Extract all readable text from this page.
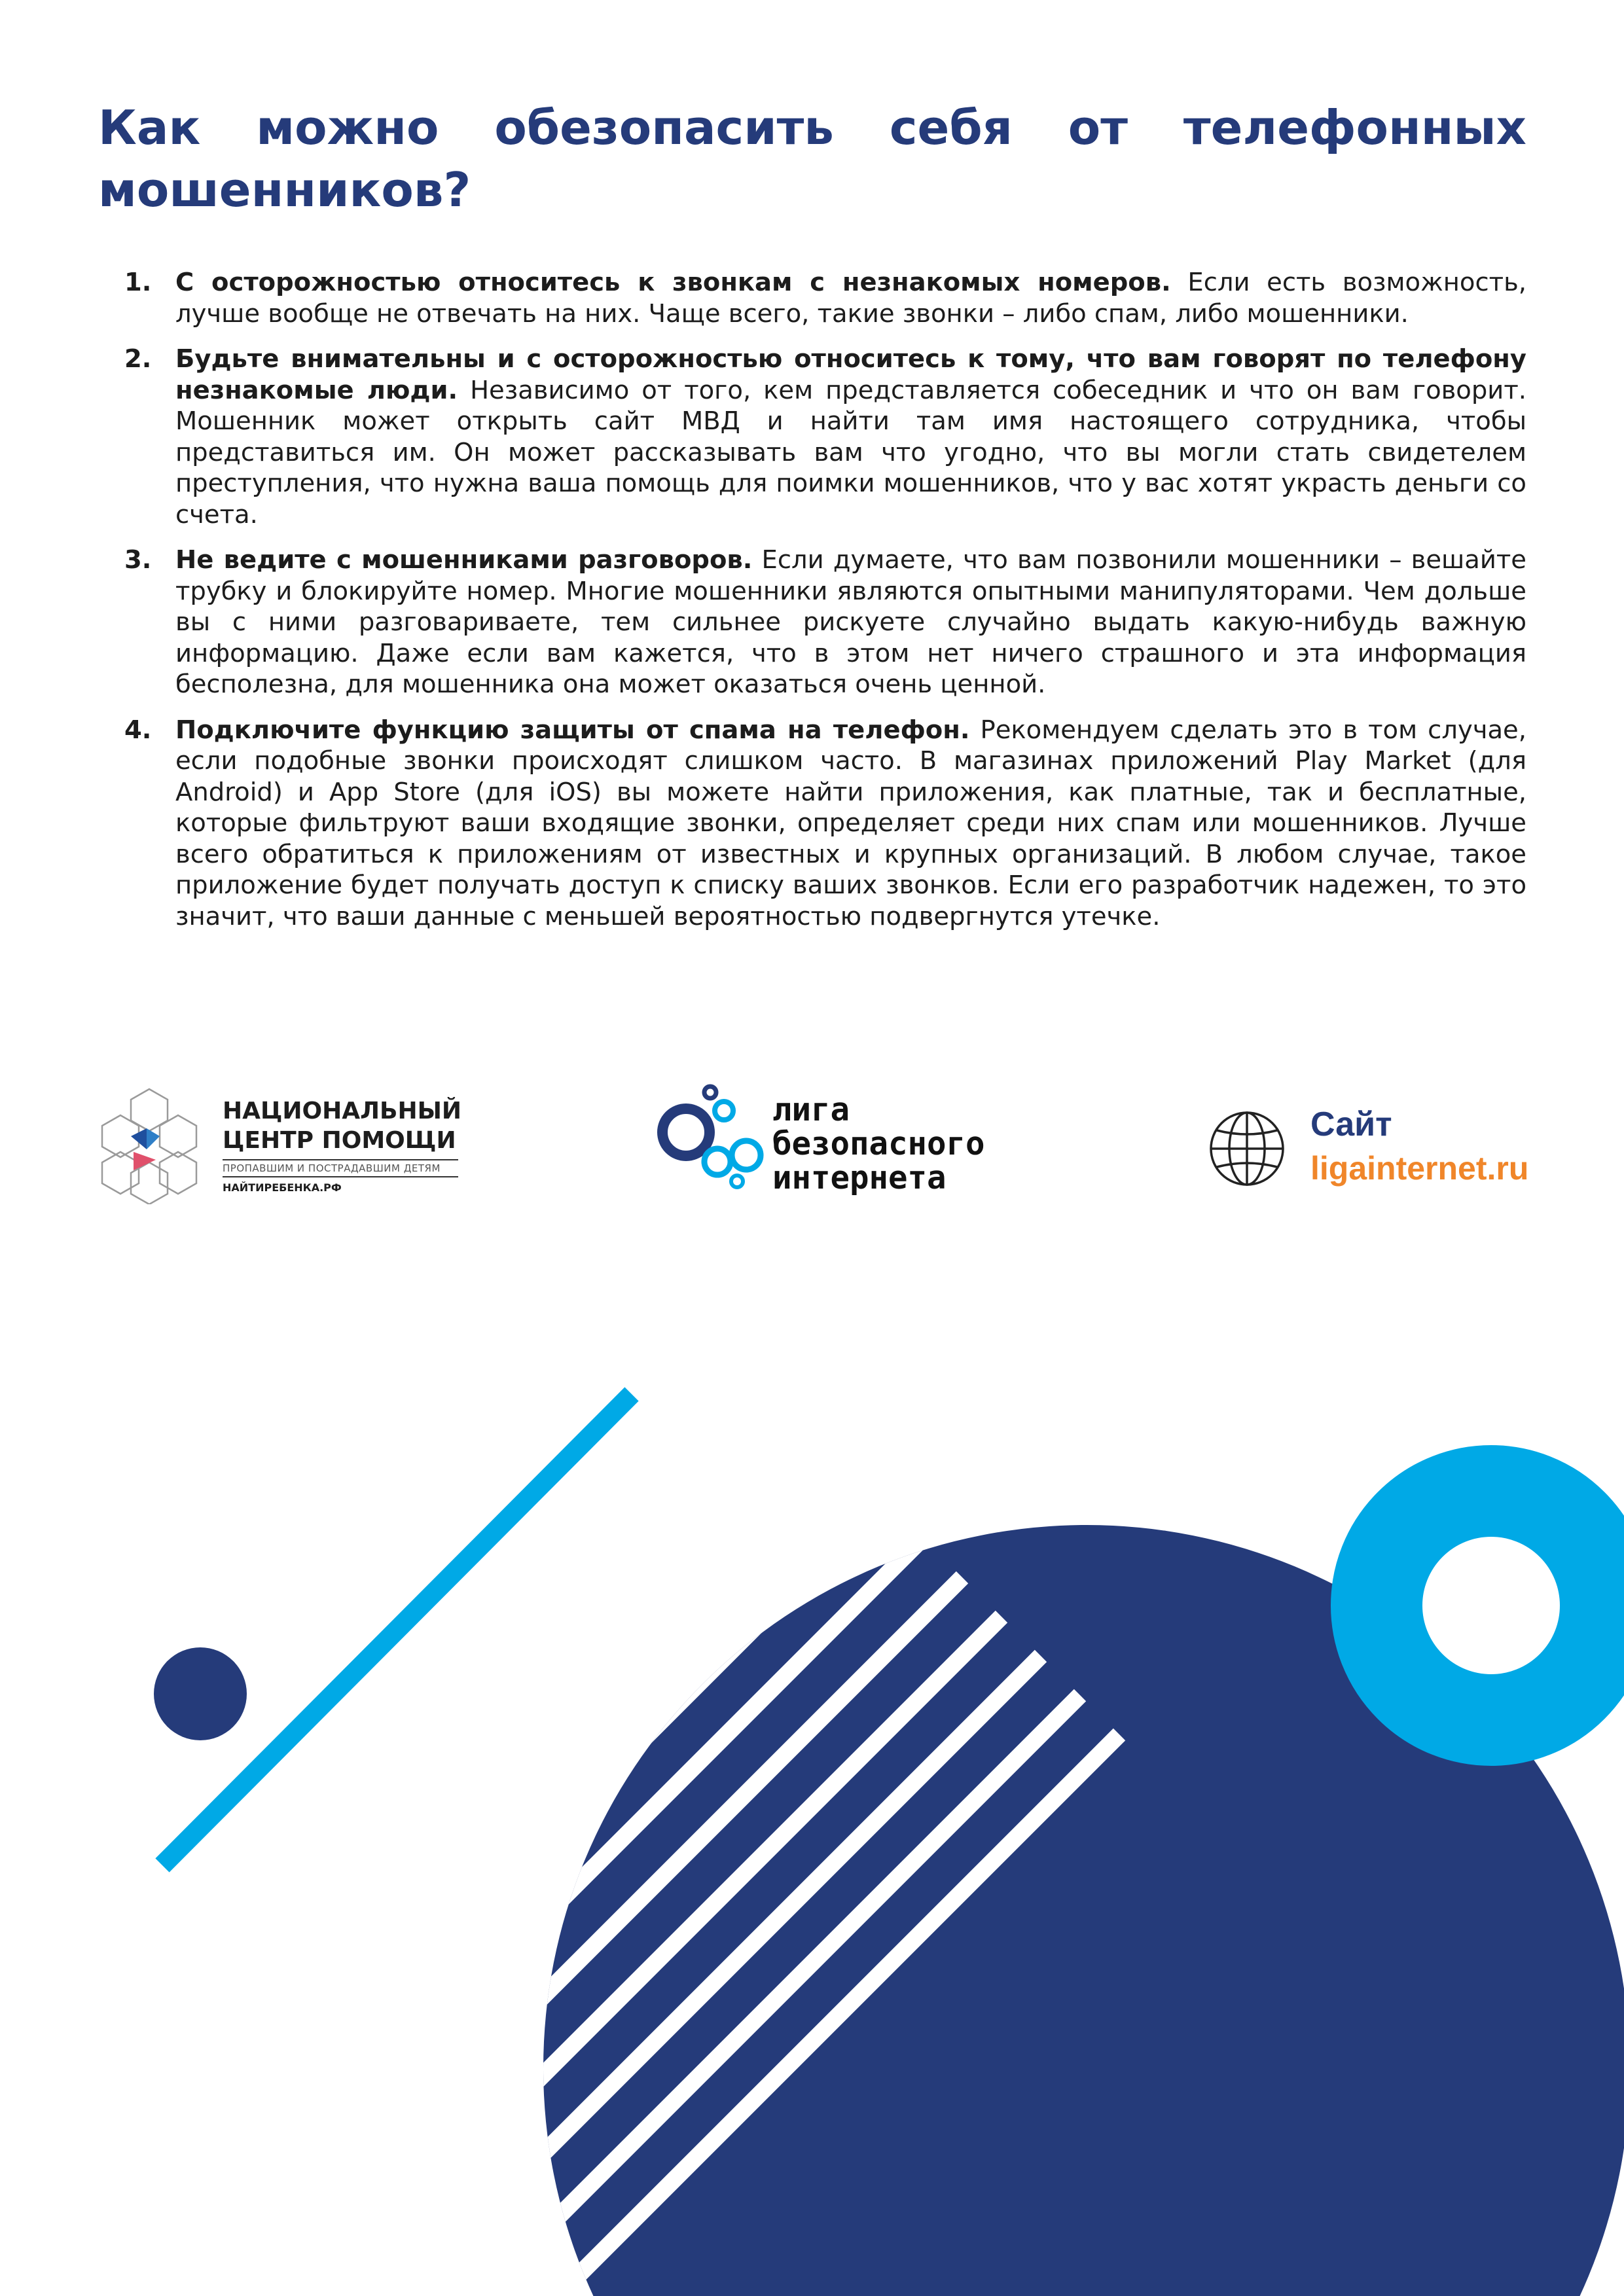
Как можно обезопасить себя от телефонных мошенников?
1. С осторожностью относитесь к звонкам с незнакомых номеров. Если есть возможность, лучше вообще не отвечать на них. Чаще всего, такие звонки – либо спам, либо мошенники.
2. Будьте внимательны и с осторожностью относитесь к тому, что вам говорят по телефону незнакомые люди. Независимо от того, кем представляется собеседник и что он вам говорит. Мошенник может открыть сайт МВД и найти там имя настоящего сотрудника, чтобы представиться им. Он может рассказывать вам что угодно, что вы могли стать свидетелем преступления, что нужна ваша помощь для поимки мошенников, что у вас хотят украсть деньги со счета.
3. Не ведите с мошенниками разговоров. Если думаете, что вам позвонили мошенники – вешайте трубку и блокируйте номер. Многие мошенники являются опытными манипуляторами. Чем дольше вы с ними разговариваете, тем сильнее рискуете случайно выдать какую-нибудь важную информацию. Даже если вам кажется, что в этом нет ничего страшного и эта информация бесполезна, для мошенника она может оказаться очень ценной.
4. Подключите функцию защиты от спама на телефон. Рекомендуем сделать это в том случае, если подобные звонки происходят слишком часто. В магазинах приложений Play Market (для Android) и App Store (для iOS) вы можете найти приложения, как платные, так и бесплатные, которые фильтруют ваши входящие звонки, определяет среди них спам или мошенников. Лучше всего обратиться к приложениям от известных и крупных организаций. В любом случае, такое приложение будет получать доступ к списку ваших звонков. Если его разработчик надежен, то это значит, что ваши данные с меньшей вероятностью подвергнутся утечке.
НАЦИОНАЛЬНЫЙ
ЦЕНТР ПОМОЩИ
ПРОПАВШИМ И ПОСТРАДАВШИМ ДЕТЯМ
НАЙТИРЕБЕНКА.РФ
лига
безопасного
интернета
Сайт
ligainternet.ru
